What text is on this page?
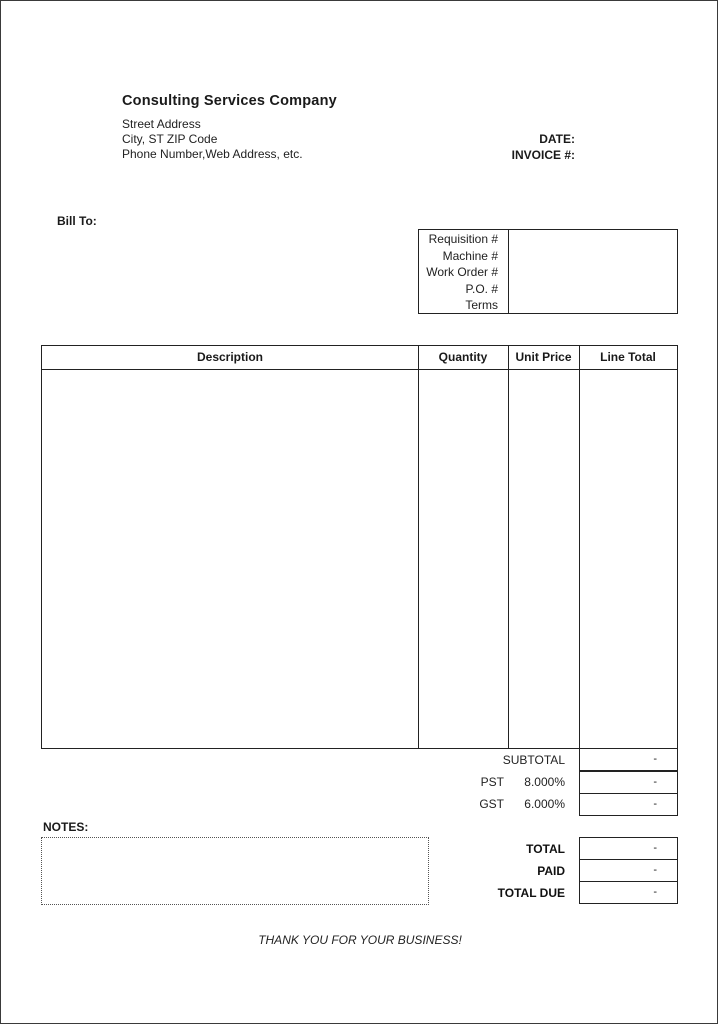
Consulting Services Company
Street Address
City, ST ZIP Code
Phone Number,Web Address, etc.
DATE:
INVOICE #:
Bill To:
Requisition #
Machine #
Work Order #
P.O. #
Terms
Description	Quantity	Unit Price	Line Total
SUBTOTAL	-
PST 8.000%	-
GST 6.000%	-
NOTES:
TOTAL	-
PAID	-
TOTAL DUE	-
THANK YOU FOR YOUR BUSINESS!
